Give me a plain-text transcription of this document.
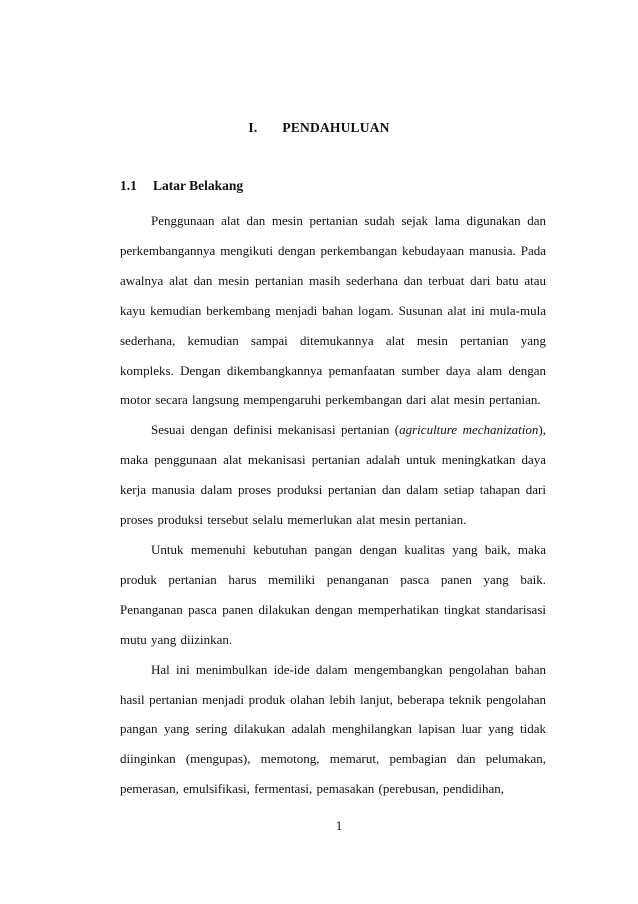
I. PENDAHULUAN
1.1 Latar Belakang

Penggunaan alat dan mesin pertanian sudah sejak lama digunakan dan perkembangannya mengikuti dengan perkembangan kebudayaan manusia. Pada awalnya alat dan mesin pertanian masih sederhana dan terbuat dari batu atau kayu kemudian berkembang menjadi bahan logam. Susunan alat ini mula-mula sederhana, kemudian sampai ditemukannya alat mesin pertanian yang kompleks. Dengan dikembangkannya pemanfaatan sumber daya alam dengan motor secara langsung mempengaruhi perkembangan dari alat mesin pertanian.

Sesuai dengan definisi mekanisasi pertanian (agriculture mechanization), maka penggunaan alat mekanisasi pertanian adalah untuk meningkatkan daya kerja manusia dalam proses produksi pertanian dan dalam setiap tahapan dari proses produksi tersebut selalu memerlukan alat mesin pertanian.

Untuk memenuhi kebutuhan pangan dengan kualitas yang baik, maka produk pertanian harus memiliki penanganan pasca panen yang baik. Penanganan pasca panen dilakukan dengan memperhatikan tingkat standarisasi mutu yang diizinkan.

Hal ini menimbulkan ide-ide dalam mengembangkan pengolahan bahan hasil pertanian menjadi produk olahan lebih lanjut, beberapa teknik pengolahan pangan yang sering dilakukan adalah menghilangkan lapisan luar yang tidak diinginkan (mengupas), memotong, memarut, pembagian dan pelumakan, pemerasan, emulsifikasi, fermentasi, pemasakan (perebusan, pendidihan,

1
